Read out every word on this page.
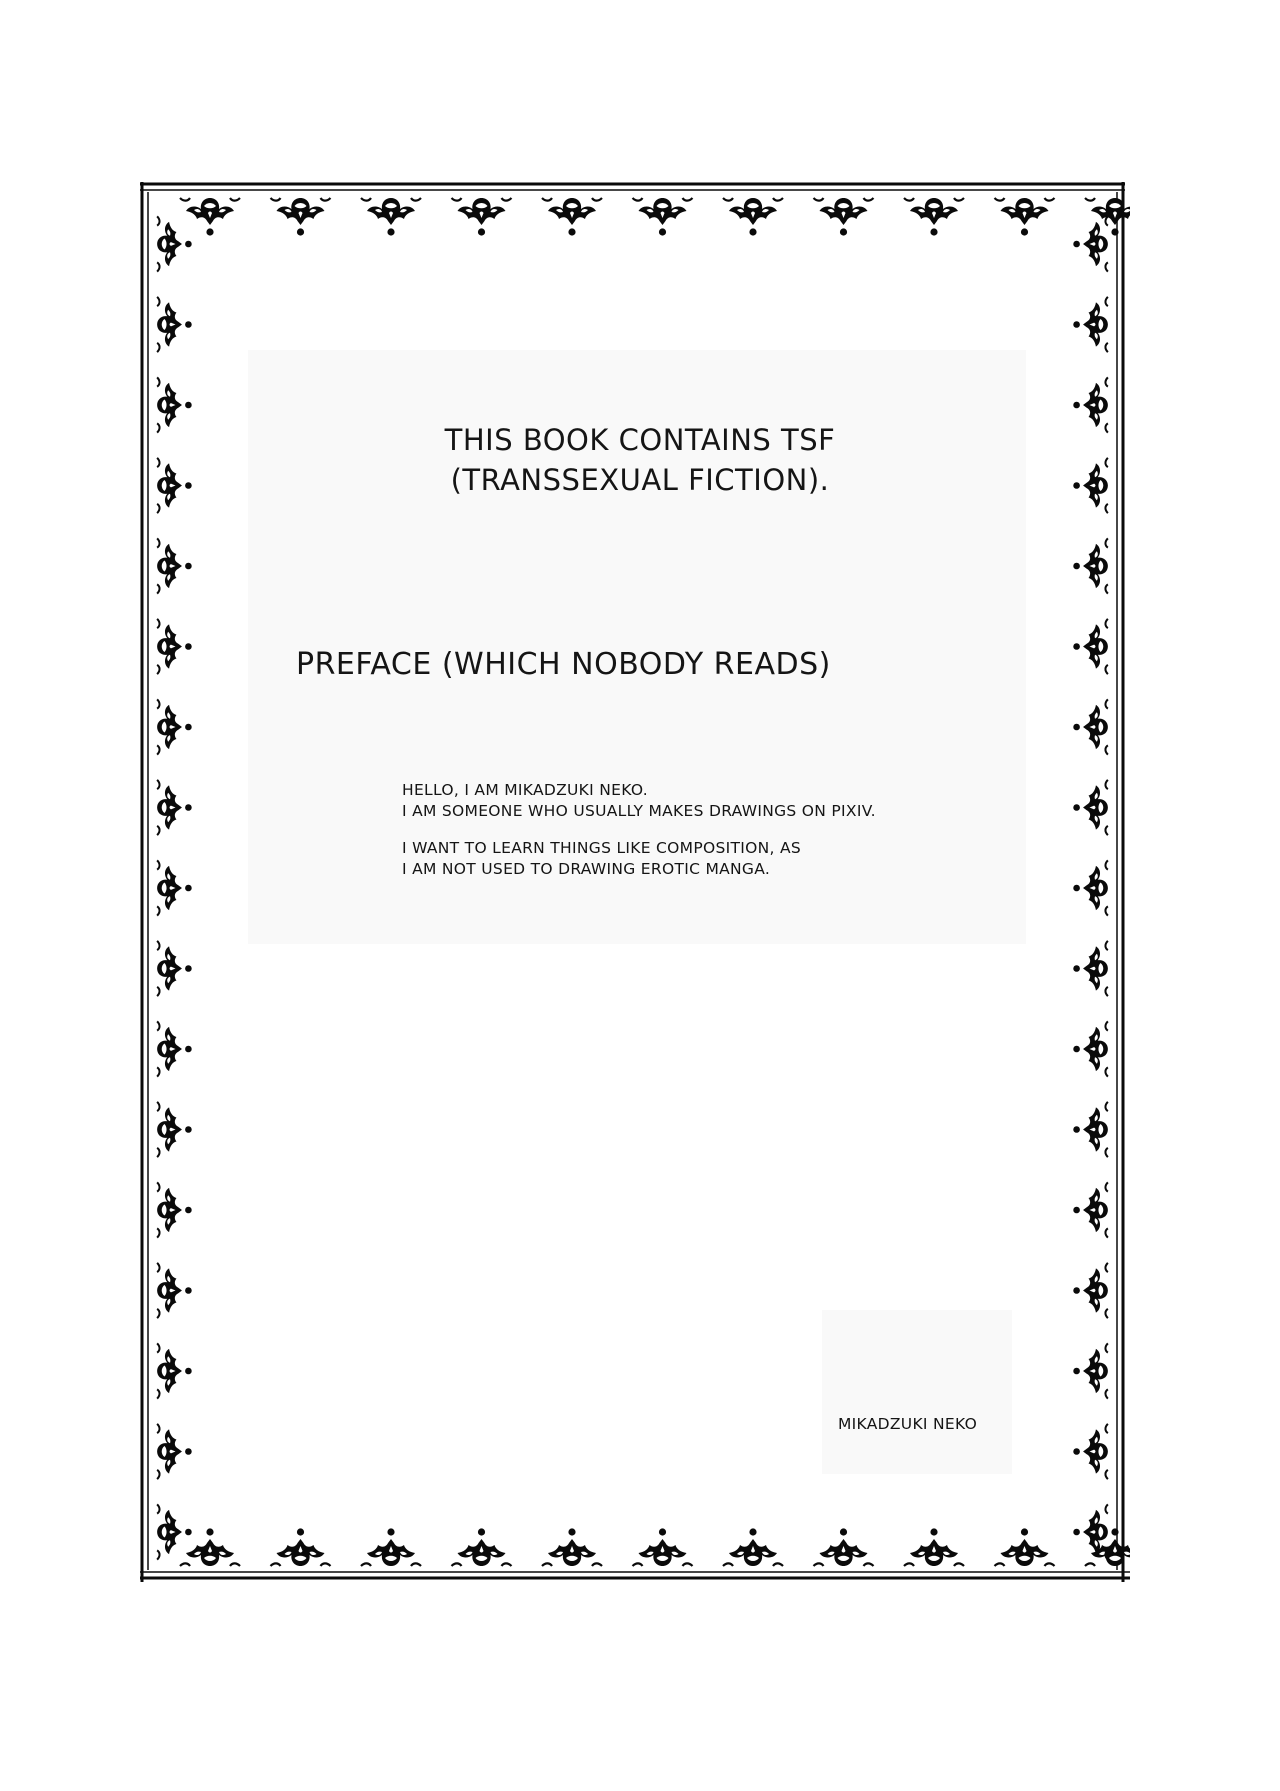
THIS BOOK CONTAINS TSF
(TRANSSEXUAL FICTION).
PREFACE (WHICH NOBODY READS)
HELLO, I AM MIKADZUKI NEKO.
I AM SOMEONE WHO USUALLY MAKES DRAWINGS ON PIXIV.
I WANT TO LEARN THINGS LIKE COMPOSITION, AS
I AM NOT USED TO DRAWING EROTIC MANGA.
MIKADZUKI NEKO
